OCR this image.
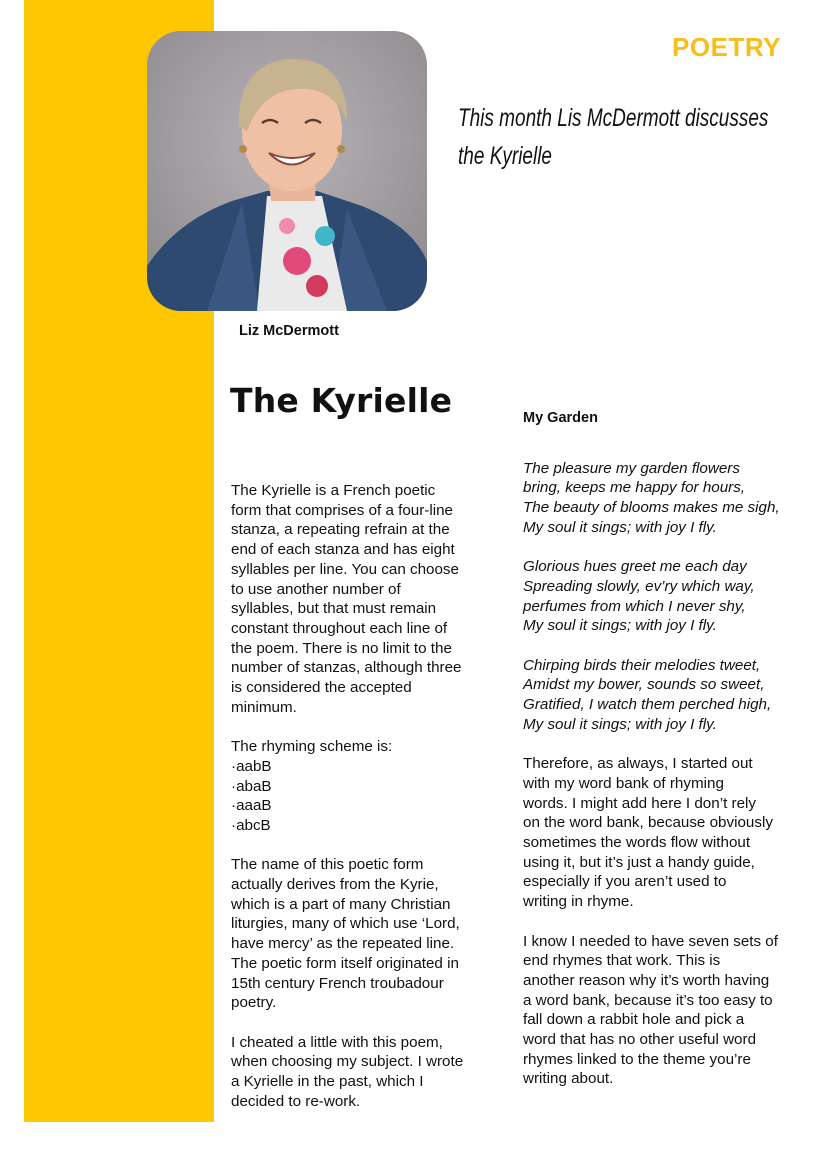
POETRY
This month Lis McDermott discusses
the Kyrielle
Liz McDermott
The Kyrielle

The Kyrielle is a French poetic
form that comprises of a four-line
stanza, a repeating refrain at the
end of each stanza and has eight
syllables per line. You can choose
to use another number of
syllables, but that must remain
constant throughout each line of
the poem. There is no limit to the
number of stanzas, although three
is considered the accepted
minimum.

The rhyming scheme is:
· aabB
· abaB
· aaaB
· abcB

The name of this poetic form
actually derives from the Kyrie,
which is a part of many Christian
liturgies, many of which use ‘Lord,
have mercy’ as the repeated line.
The poetic form itself originated in
15th century French troubadour
poetry.

I cheated a little with this poem,
when choosing my subject. I wrote
a Kyrielle in the past, which I
decided to re-work.

My Garden

The pleasure my garden flowers
bring, keeps me happy for hours,
The beauty of blooms makes me sigh,
My soul it sings; with joy I fly.

Glorious hues greet me each day
Spreading slowly, ev’ry which way,
perfumes from which I never shy,
My soul it sings; with joy I fly.

Chirping birds their melodies tweet,
Amidst my bower, sounds so sweet,
Gratified, I watch them perched high,
My soul it sings; with joy I fly.

Therefore, as always, I started out
with my word bank of rhyming
words. I might add here I don’t rely
on the word bank, because obviously
sometimes the words flow without
using it, but it’s just a handy guide,
especially if you aren’t used to
writing in rhyme.

I know I needed to have seven sets of
end rhymes that work. This is
another reason why it’s worth having
a word bank, because it’s too easy to
fall down a rabbit hole and pick a
word that has no other useful word
rhymes linked to the theme you’re
writing about.
